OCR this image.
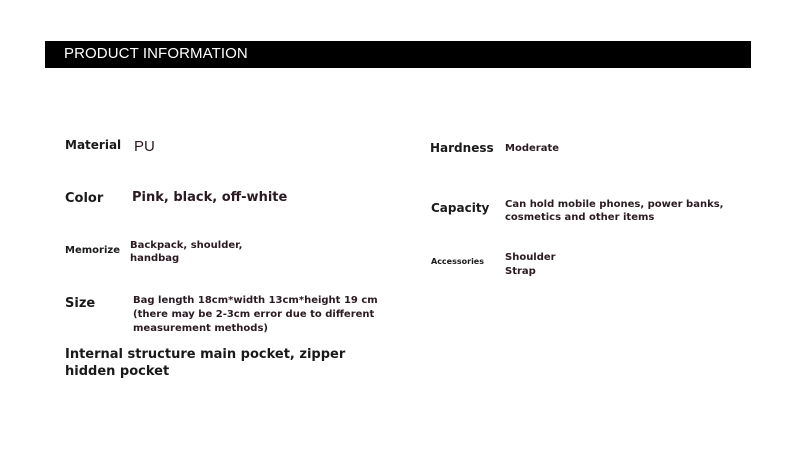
PRODUCT INFORMATION
Material PU
Color Pink, black, off-white
Memorize Backpack, shoulder, handbag
Size	Bag length 18cm*width 13cm*height 19 cm (there may be 2-3cm error due to different measurement methods)
Internal structure main pocket, zipper hidden pocket
Hardness Moderate
Capacity Can hold mobile phones, power banks, cosmetics and other items
Accessories Shoulder Strap
